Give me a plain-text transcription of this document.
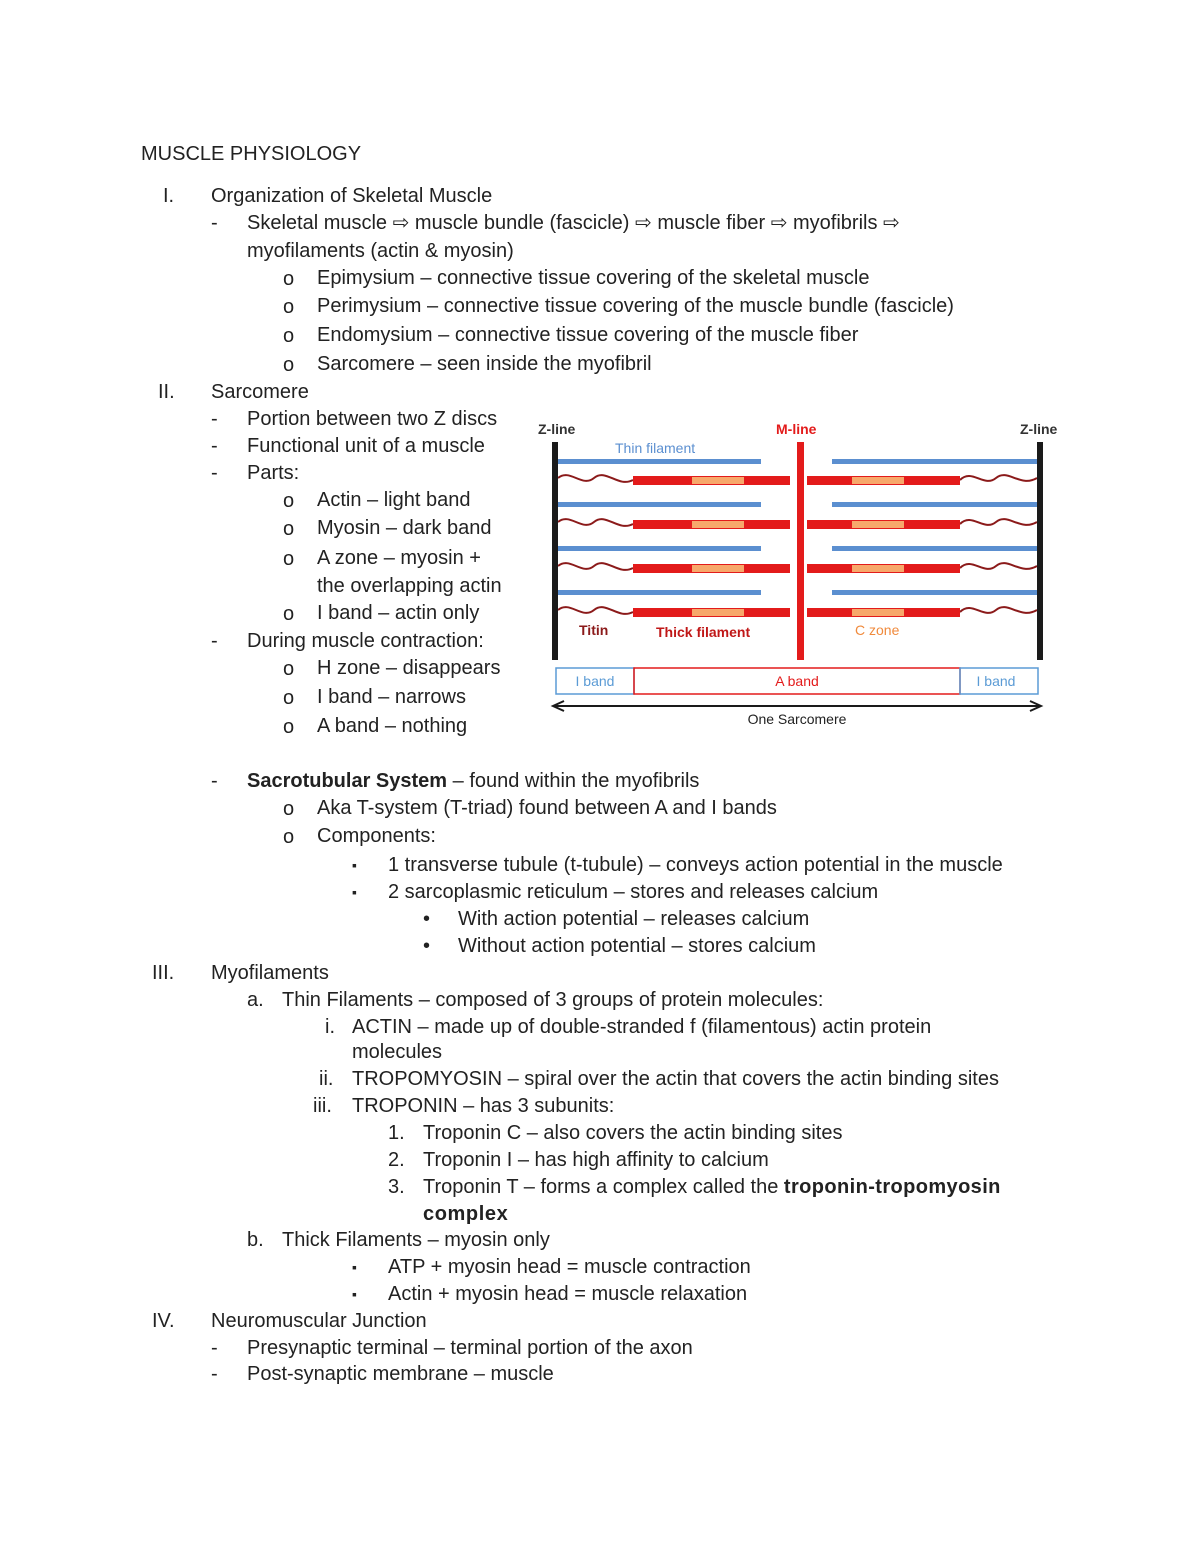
MUSCLE PHYSIOLOGY
I. Organization of Skeletal Muscle
- Skeletal muscle ⇨ muscle bundle (fascicle) ⇨ muscle fiber ⇨ myofibrils ⇨
myofilaments (actin & myosin)
o Epimysium – connective tissue covering of the skeletal muscle
o Perimysium – connective tissue covering of the muscle bundle (fascicle)
o Endomysium – connective tissue covering of the muscle fiber
o Sarcomere – seen inside the myofibril
II. Sarcomere
- Portion between two Z discs
- Functional unit of a muscle
- Parts:
o Actin – light band
o Myosin – dark band
o A zone – myosin +
the overlapping actin
o I band – actin only
- During muscle contraction:
o H zone – disappears
o I band – narrows
o A band – nothing
- Sacrotubular System – found within the myofibrils
o Aka T-system (T-triad) found between A and I bands
o Components:
▪ 1 transverse tubule (t-tubule) – conveys action potential in the muscle
▪ 2 sarcoplasmic reticulum – stores and releases calcium
• With action potential – releases calcium
• Without action potential – stores calcium
III. Myofilaments
a. Thin Filaments – composed of 3 groups of protein molecules:
i. ACTIN – made up of double-stranded f (filamentous) actin protein
molecules
ii. TROPOMYOSIN – spiral over the actin that covers the actin binding sites
iii. TROPONIN – has 3 subunits:
1. Troponin C – also covers the actin binding sites
2. Troponin I – has high affinity to calcium
3. Troponin T – forms a complex called the troponin-tropomyosin
complex
b. Thick Filaments – myosin only
▪ ATP + myosin head = muscle contraction
▪ Actin + myosin head = muscle relaxation
IV. Neuromuscular Junction
- Presynaptic terminal – terminal portion of the axon
- Post-synaptic membrane – muscle
Z-line	M-line	Z-line
Thin filament
Titin	Thick filament	C zone
I band	A band	I band
One Sarcomere
